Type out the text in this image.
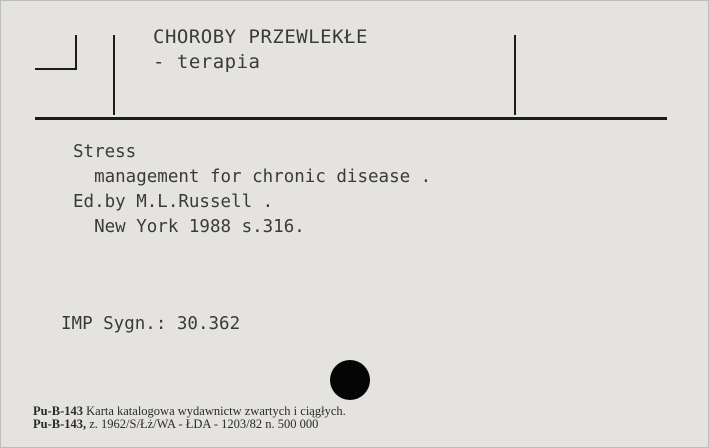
CHOROBY PRZEWLEKŁE
- terapia
Stress
management for chronic disease .
Ed.by M.L.Russell .
New York 1988 s.316.
IMP Sygn.: 30.362
Pu-B-143 Karta katalogowa wydawnictw zwartych i ciągłych.
Pu-B-143, z. 1962/S/Łż/WA - ŁDA - 1203/82 n. 500 000
